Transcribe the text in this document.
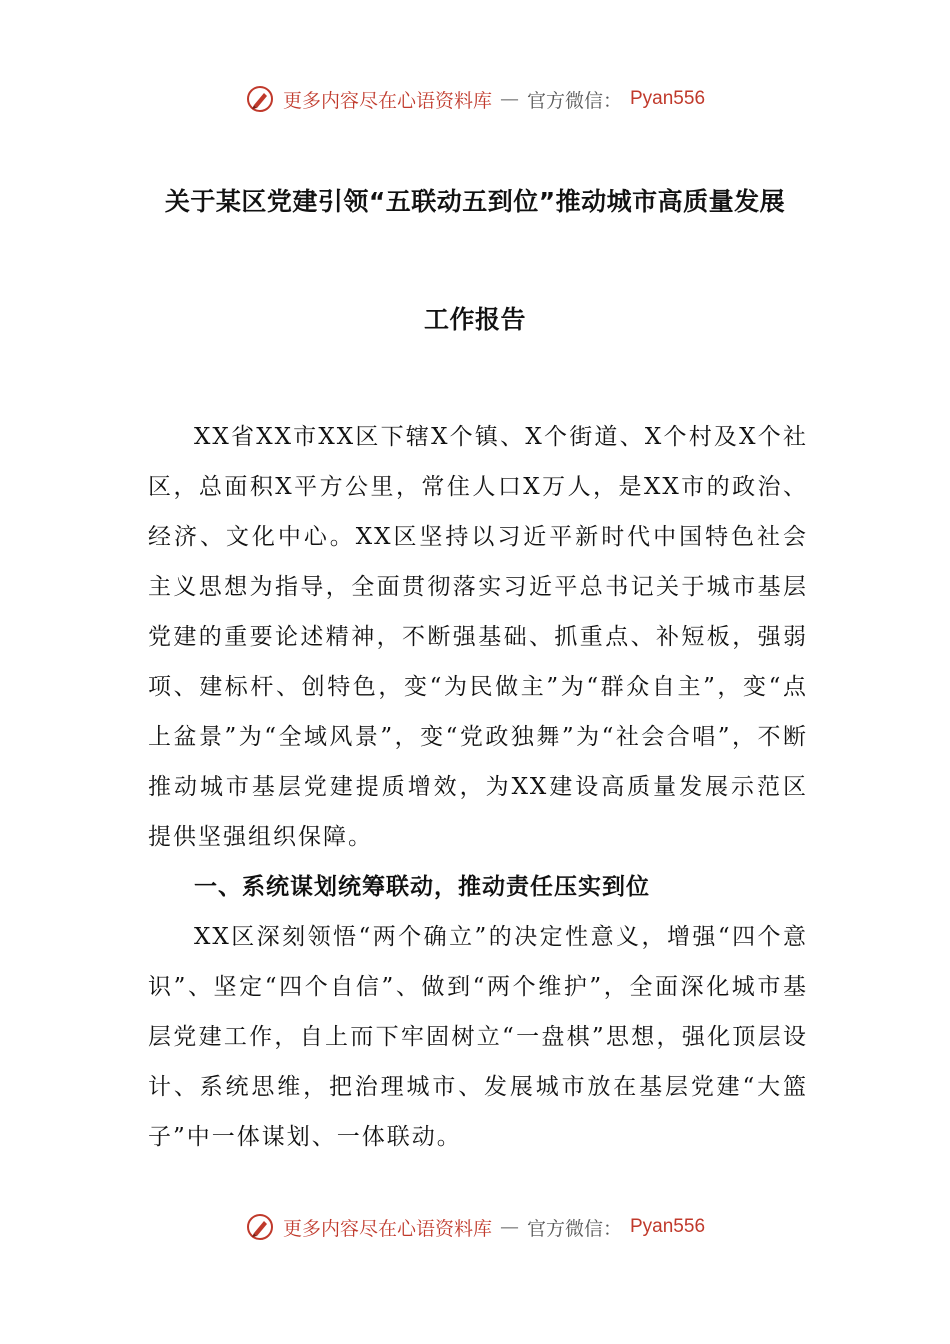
更多内容尽在心语资料库 — 官方微信： Pyan556
关于某区党建引领“五联动五到位”推动城市高质量发展
工作报告

XX省XX市XX区下辖X个镇、X个街道、X个村及X个社区，总面积X平方公里，常住人口X万人，是XX市的政治、经济、文化中心。XX区坚持以习近平新时代中国特色社会主义思想为指导，全面贯彻落实习近平总书记关于城市基层党建的重要论述精神，不断强基础、抓重点、补短板，强弱项、建标杆、创特色，变“为民做主”为“群众自主”，变“点上盆景”为“全域风景”，变“党政独舞”为“社会合唱”，不断推动城市基层党建提质增效，为XX建设高质量发展示范区提供坚强组织保障。

一、系统谋划统筹联动，推动责任压实到位

XX区深刻领悟“两个确立”的决定性意义，增强“四个意识”、坚定“四个自信”、做到“两个维护”，全面深化城市基层党建工作，自上而下牢固树立“一盘棋”思想，强化顶层设计、系统思维，把治理城市、发展城市放在基层党建“大篮子”中一体谋划、一体联动。

更多内容尽在心语资料库 — 官方微信： Pyan556
